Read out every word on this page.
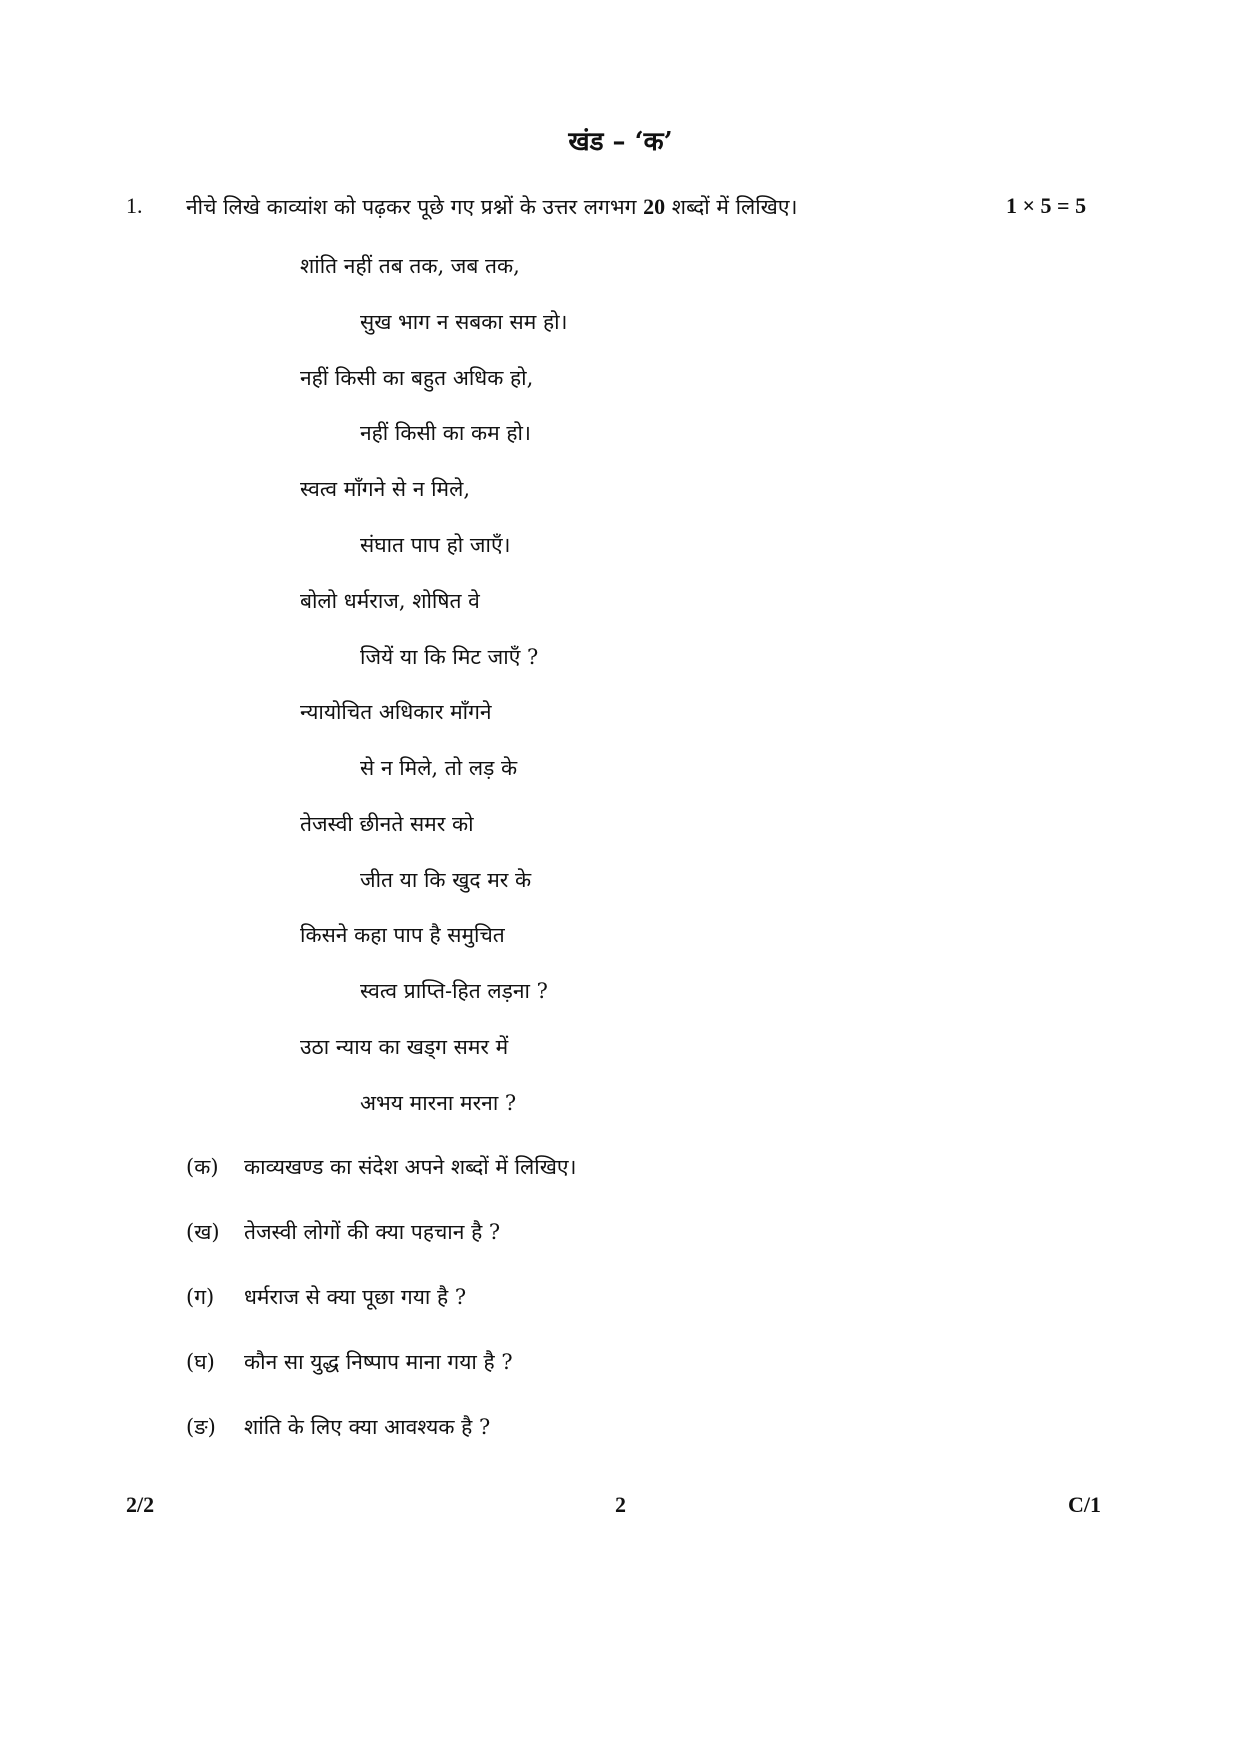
खंड – ‘क’
1. नीचे लिखे काव्यांश को पढ़कर पूछे गए प्रश्नों के उत्तर लगभग 20 शब्दों में लिखिए।	1 × 5 = 5
शांति नहीं तब तक, जब तक,
सुख भाग न सबका सम हो।
नहीं किसी का बहुत अधिक हो,
नहीं किसी का कम हो।
स्वत्व माँगने से न मिले,
संघात पाप हो जाएँ।
बोलो धर्मराज, शोषित वे
जियें या कि मिट जाएँ ?
न्यायोचित अधिकार माँगने
से न मिले, तो लड़ के
तेजस्वी छीनते समर को
जीत या कि खुद मर के
किसने कहा पाप है समुचित
स्वत्व प्राप्ति-हित लड़ना ?
उठा न्याय का खड्ग समर में
अभय मारना मरना ?
(क) काव्यखण्ड का संदेश अपने शब्दों में लिखिए।
(ख) तेजस्वी लोगों की क्या पहचान है ?
(ग) धर्मराज से क्या पूछा गया है ?
(घ) कौन सा युद्ध निष्पाप माना गया है ?
(ङ) शांति के लिए क्या आवश्यक है ?
2/2	2	C/1
